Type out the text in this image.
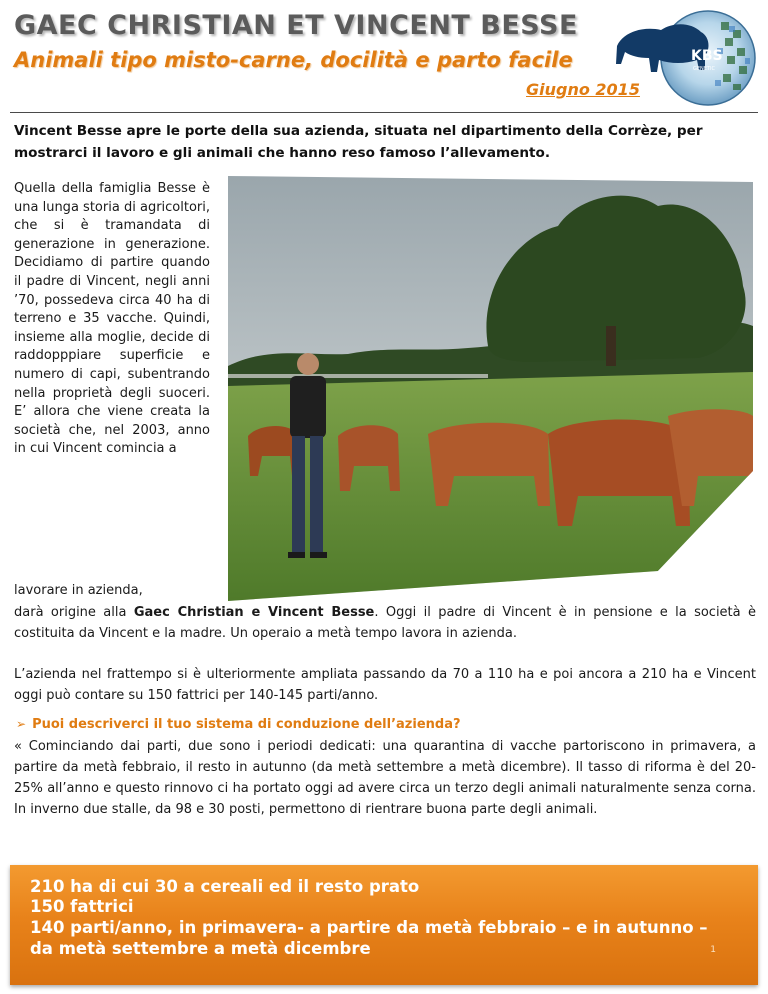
GAEC CHRISTIAN ET VINCENT BESSE
Animali tipo misto-carne, docilità e parto facile
Giugno 2015
KBS
GENETIC
Vincent Besse apre le porte della sua azienda, situata nel dipartimento della Corrèze, per mostrarci il lavoro e gli animali che hanno reso famoso l’allevamento.
Quella della famiglia Besse è una lunga storia di agricoltori, che si è tramandata di generazione in generazione. Decidiamo di partire quando il padre di Vincent, negli anni ’70, possedeva circa 40 ha di terreno e 35 vacche. Quindi, insieme alla moglie, decide di raddopppiare superficie e numero di capi, subentrando nella proprietà degli suoceri. E’ allora che viene creata la società che, nel 2003, anno in cui Vincent comincia a
lavorare in azienda,
darà origine alla Gaec Christian e Vincent Besse. Oggi il padre di Vincent è in pensione e la società è costituita da Vincent e la madre. Un operaio a metà tempo lavora in azienda.
L’azienda nel frattempo si è ulteriormente ampliata passando da 70 a 110 ha e poi ancora a 210 ha e Vincent oggi può contare su 150 fattrici per 140-145 parti/anno.
➢ Puoi descriverci il tuo sistema di conduzione dell’azienda?
« Cominciando dai parti, due sono i periodi dedicati: una quarantina di vacche partoriscono in primavera, a partire da metà febbraio, il resto in autunno (da metà settembre a metà dicembre). Il tasso di riforma è del 20-25% all’anno e questo rinnovo ci ha portato oggi ad avere circa un terzo degli animali naturalmente senza corna. In inverno due stalle, da 98 e 30 posti, permettono di rientrare buona parte degli animali.
210 ha di cui 30 a cereali ed il resto prato
150 fattrici
140 parti/anno, in primavera- a partire da metà febbraio – e in autunno –
da metà settembre a metà dicembre	1
